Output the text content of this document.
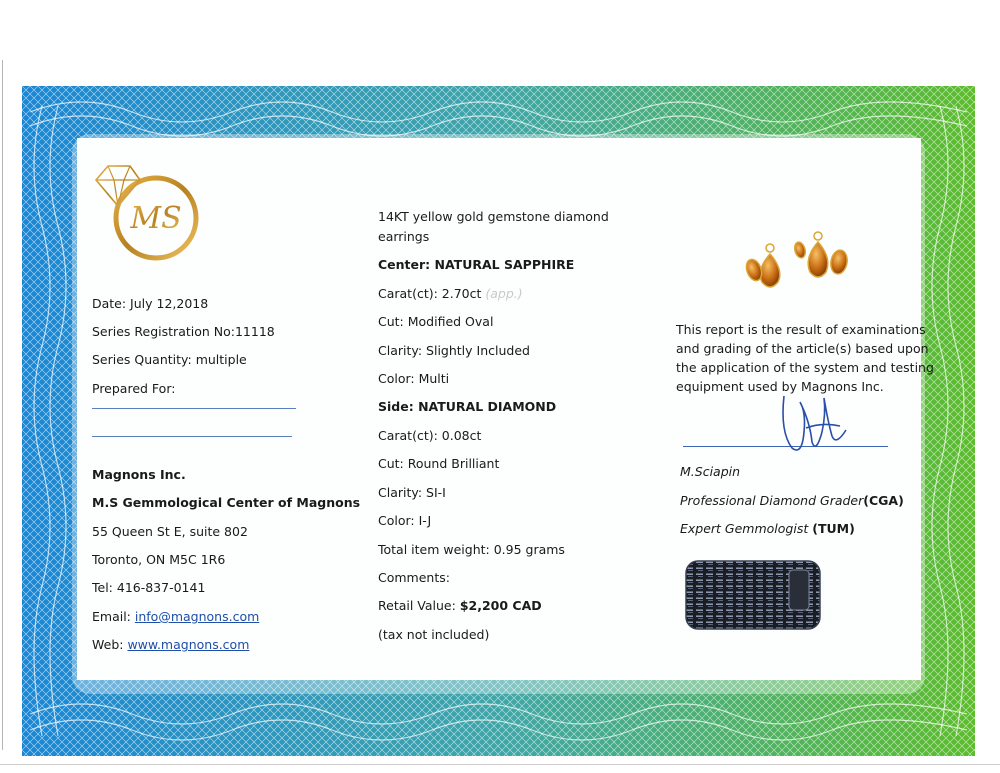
MS
Date: July 12,2018
Series Registration No:11118
Series Quantity: multiple
Prepared For:
Magnons Inc.
M.S Gemmological Center of Magnons
55 Queen St E, suite 802
Toronto, ON M5C 1R6
Tel: 416-837-0141
Email: info@magnons.com
Web: www.magnons.com
14KT yellow gold gemstone diamond
earrings
Center: NATURAL SAPPHIRE
Carat(ct): 2.70ct (app.)
Cut: Modified Oval
Clarity: Slightly Included
Color: Multi
Side: NATURAL DIAMOND
Carat(ct): 0.08ct
Cut: Round Brilliant
Clarity: SI-I
Color: I-J
Total item weight: 0.95 grams
Comments:
Retail Value: $2,200 CAD
(tax not included)
This report is the result of examinations
and grading of the article(s) based upon
the application of the system and testing
equipment used by Magnons Inc.
M.Sciapin
Professional Diamond Grader(CGA)
Expert Gemmologist (TUM)
